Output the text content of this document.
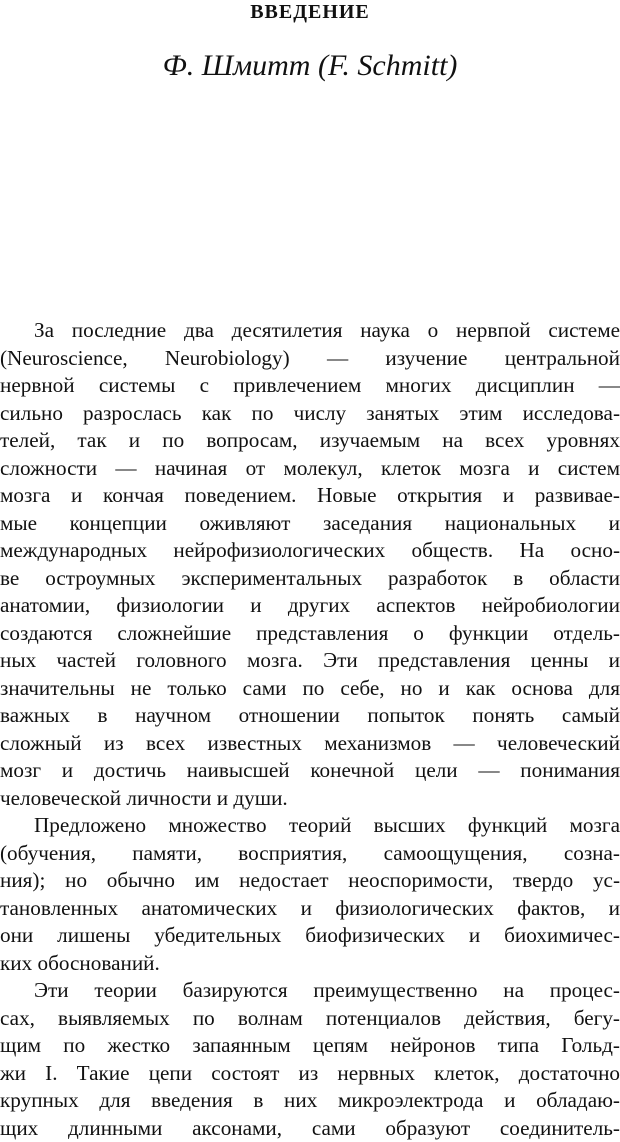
ВВЕДЕНИЕ
Ф. Шмитт (F. Schmitt)
За последние два десятилетия наука о нервпой системе
(Neuroscience, Neurobiology) — изучение центральной
нервной системы с привлечением многих дисциплин —
сильно разрослась как по числу занятых этим исследова-
телей, так и по вопросам, изучаемым на всех уровнях
сложности — начиная от молекул, клеток мозга и систем
мозга и кончая поведением. Новые открытия и развивае-
мые концепции оживляют заседания национальных и
международных нейрофизиологических обществ. На осно-
ве остроумных экспериментальных разработок в области
анатомии, физиологии и других аспектов нейробиологии
создаются сложнейшие представления о функции отдель-
ных частей головного мозга. Эти представления ценны и
значительны не только сами по себе, но и как основа для
важных в научном отношении попыток понять самый
сложный из всех известных механизмов — человеческий
мозг и достичь наивысшей конечной цели — понимания
человеческой личности и души.
Предложено множество теорий высших функций мозга
(обучения, памяти, восприятия, самоощущения, созна-
ния); но обычно им недостает неоспоримости, твердо ус-
тановленных анатомических и физиологических фактов, и
они лишены убедительных биофизических и биохимичес-
ких обоснований.
Эти теории базируются преимущественно на процес-
сах, выявляемых по волнам потенциалов действия, бегу-
щим по жестко запаянным цепям нейронов типа Гольд-
жи I. Такие цепи состоят из нервных клеток, достаточно
крупных для введения в них микроэлектрода и обладаю-
щих длинными аксонами, сами образуют соединитель-
